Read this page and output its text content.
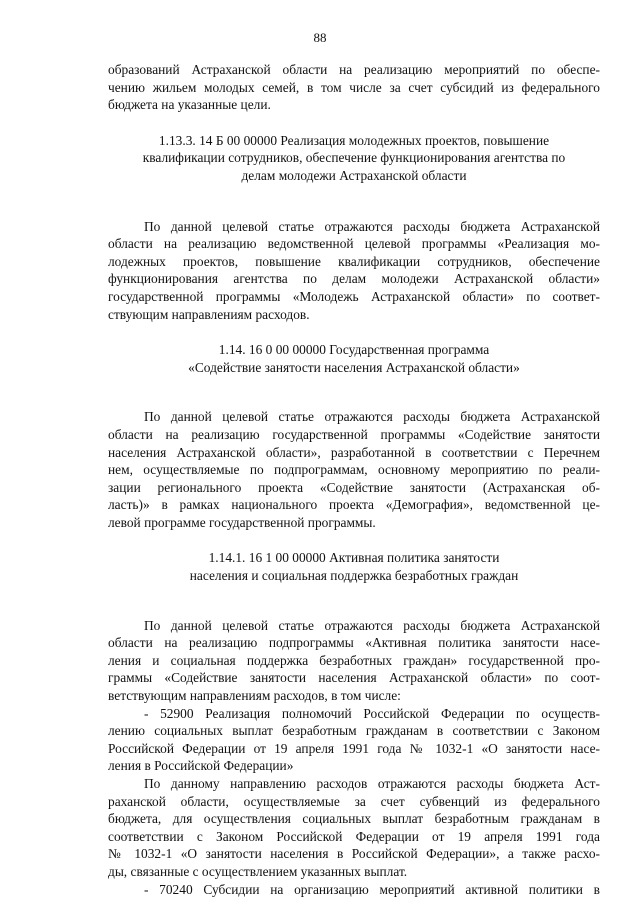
88
образований Астраханской области на реализацию мероприятий по обеспе-
чению жильем молодых семей, в том числе за счет субсидий из федерального
бюджета на указанные цели.
1.13.3. 14 Б 00 00000 Реализация молодежных проектов, повышение
квалификации сотрудников, обеспечение функционирования агентства по
делам молодежи Астраханской области
По данной целевой статье отражаются расходы бюджета Астраханской
области на реализацию ведомственной целевой программы «Реализация мо-
лодежных проектов, повышение квалификации сотрудников, обеспечение
функционирования агентства по делам молодежи Астраханской области»
государственной программы «Молодежь Астраханской области» по соответ-
ствующим направлениям расходов.
1.14. 16 0 00 00000 Государственная программа
«Содействие занятости населения Астраханской области»
По данной целевой статье отражаются расходы бюджета Астраханской
области на реализацию государственной программы «Содействие занятости
населения Астраханской области», разработанной в соответствии с Перечнем
нем, осуществляемые по подпрограммам, основному мероприятию по реали-
зации регионального проекта «Содействие занятости (Астраханская об-
ласть)» в рамках национального проекта «Демография», ведомственной це-
левой программе государственной программы.
1.14.1. 16 1 00 00000 Активная политика занятости
населения и социальная поддержка безработных граждан
По данной целевой статье отражаются расходы бюджета Астраханской
области на реализацию подпрограммы «Активная политика занятости насе-
ления и социальная поддержка безработных граждан» государственной про-
граммы «Содействие занятости населения Астраханской области» по соот-
ветствующим направлениям расходов, в том числе:
- 52900 Реализация полномочий Российской Федерации по осуществ-
лению социальных выплат безработным гражданам в соответствии с Законом
Российской Федерации от 19 апреля 1991 года № 1032-1 «О занятости насе-
ления в Российской Федерации»
По данному направлению расходов отражаются расходы бюджета Аст-
раханской области, осуществляемые за счет субвенций из федерального
бюджета, для осуществления социальных выплат безработным гражданам в
соответствии с Законом Российской Федерации от 19 апреля 1991 года
№ 1032-1 «О занятости населения в Российской Федерации», а также расхо-
ды, связанные с осуществлением указанных выплат.
- 70240 Субсидии на организацию мероприятий активной политики в
